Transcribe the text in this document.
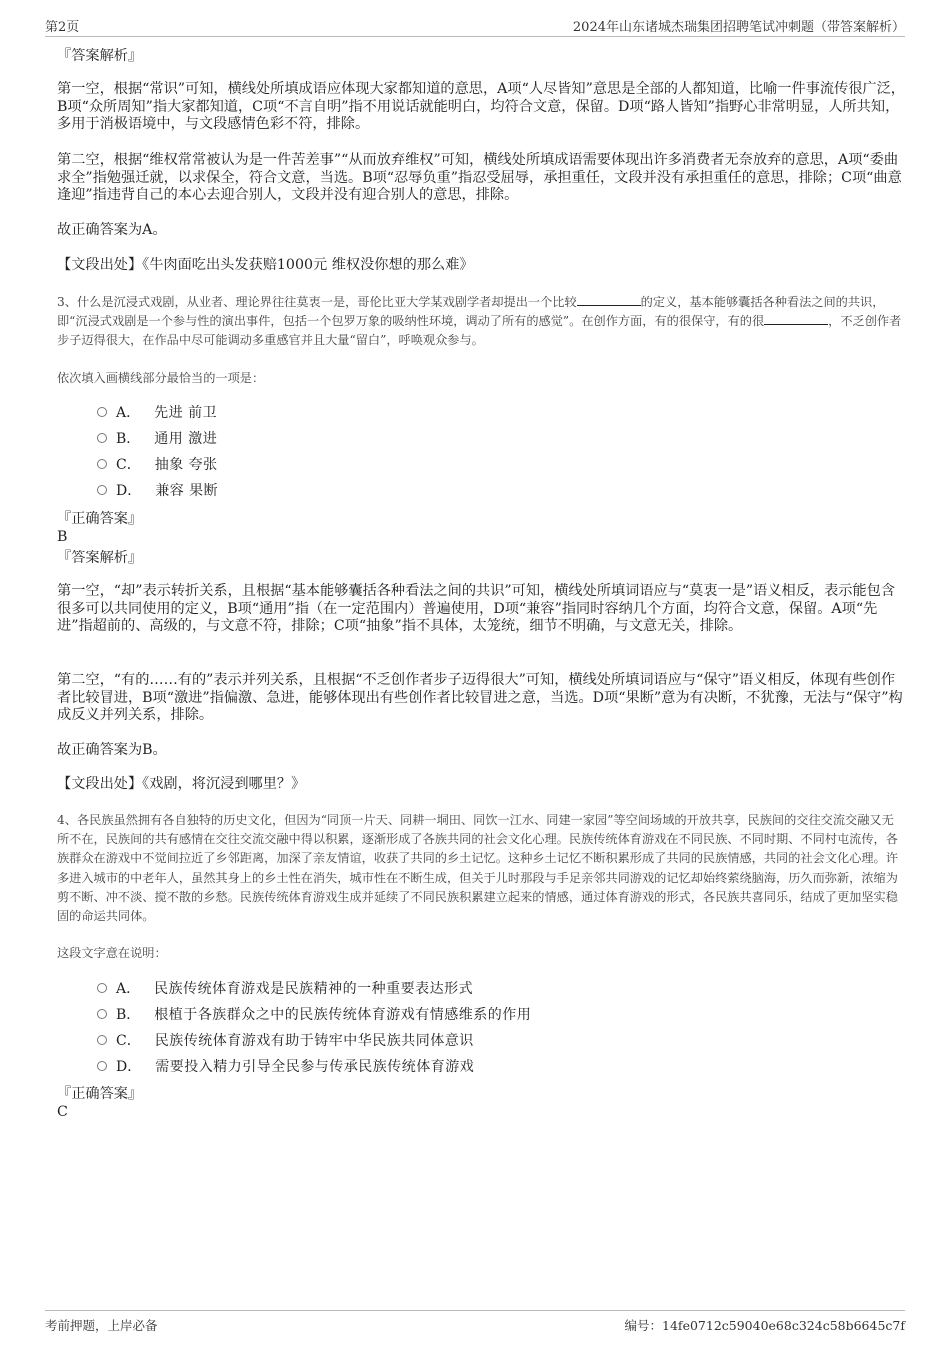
第2页	2024年山东诸城杰瑞集团招聘笔试冲刺题（带答案解析）
『答案解析』

第一空，根据“常识”可知，横线处所填成语应体现大家都知道的意思，A项“人尽皆知”意思是全部的人都知道，比喻一件事流传很广泛，B项“众所周知”指大家都知道，C项“不言自明”指不用说话就能明白，均符合文意，保留。D项“路人皆知”指野心非常明显，人所共知，多用于消极语境中，与文段感情色彩不符，排除。

第二空，根据“维权常常被认为是一件苦差事”“从而放弃维权”可知，横线处所填成语需要体现出许多消费者无奈放弃的意思，A项“委曲求全”指勉强迁就，以求保全，符合文意，当选。B项“忍辱负重”指忍受屈辱，承担重任，文段并没有承担重任的意思，排除；C项“曲意逢迎”指违背自己的本心去迎合别人，文段并没有迎合别人的意思，排除。

故正确答案为A。
【文段出处】《牛肉面吃出头发获赔1000元 维权没你想的那么难》

3、什么是沉浸式戏剧，从业者、理论界往往莫衷一是，哥伦比亚大学某戏剧学者却提出一个比较	的定义，基本能够囊括各种看法之间的共识，即“沉浸式戏剧是一个参与性的演出事件，包括一个包罗万象的吸纳性环境，调动了所有的感觉”。在创作方面，有的很保守，有的很	，不乏创作者步子迈得很大，在作品中尽可能调动多重感官并且大量“留白”，呼唤观众参与。

依次填入画横线部分最恰当的一项是：
A． 先进 前卫
B． 通用 激进
C． 抽象 夸张
D． 兼容 果断
『正确答案』
B
『答案解析』

第一空，“却”表示转折关系，且根据“基本能够囊括各种看法之间的共识”可知，横线处所填词语应与“莫衷一是”语义相反，表示能包含很多可以共同使用的定义，B项“通用”指（在一定范围内）普遍使用，D项“兼容”指同时容纳几个方面，均符合文意，保留。A项“先进”指超前的、高级的，与文意不符，排除；C项“抽象”指不具体，太笼统，细节不明确，与文意无关，排除。

第二空，“有的……有的”表示并列关系，且根据“不乏创作者步子迈得很大”可知，横线处所填词语应与“保守”语义相反，体现有些创作者比较冒进，B项“激进”指偏激、急进，能够体现出有些创作者比较冒进之意，当选。D项“果断”意为有决断，不犹豫，无法与“保守”构成反义并列关系，排除。

故正确答案为B。
【文段出处】《戏剧，将沉浸到哪里？》

4、各民族虽然拥有各自独特的历史文化，但因为“同顶一片天、同耕一垌田、同饮一江水、同建一家园”等空间场域的开放共享，民族间的交往交流交融又无所不在，民族间的共有感情在交往交流交融中得以积累，逐渐形成了各族共同的社会文化心理。民族传统体育游戏在不同民族、不同时期、不同村屯流传，各族群众在游戏中不觉间拉近了乡邻距离，加深了亲友情谊，收获了共同的乡土记忆。这种乡土记忆不断积累形成了共同的民族情感，共同的社会文化心理。许多进入城市的中老年人，虽然其身上的乡土性在消失，城市性在不断生成，但关于儿时那段与手足亲邻共同游戏的记忆却始终萦绕脑海，历久而弥新，浓缩为剪不断、冲不淡、搅不散的乡愁。民族传统体育游戏生成并延续了不同民族积累建立起来的情感，通过体育游戏的形式，各民族共喜同乐，结成了更加坚实稳固的命运共同体。

这段文字意在说明：
A． 民族传统体育游戏是民族精神的一种重要表达形式
B． 根植于各族群众之中的民族传统体育游戏有情感维系的作用
C． 民族传统体育游戏有助于铸牢中华民族共同体意识
D． 需要投入精力引导全民参与传承民族传统体育游戏
『正确答案』
C
考前押题，上岸必备	编号：14fe0712c59040e68c324c58b6645c7f
